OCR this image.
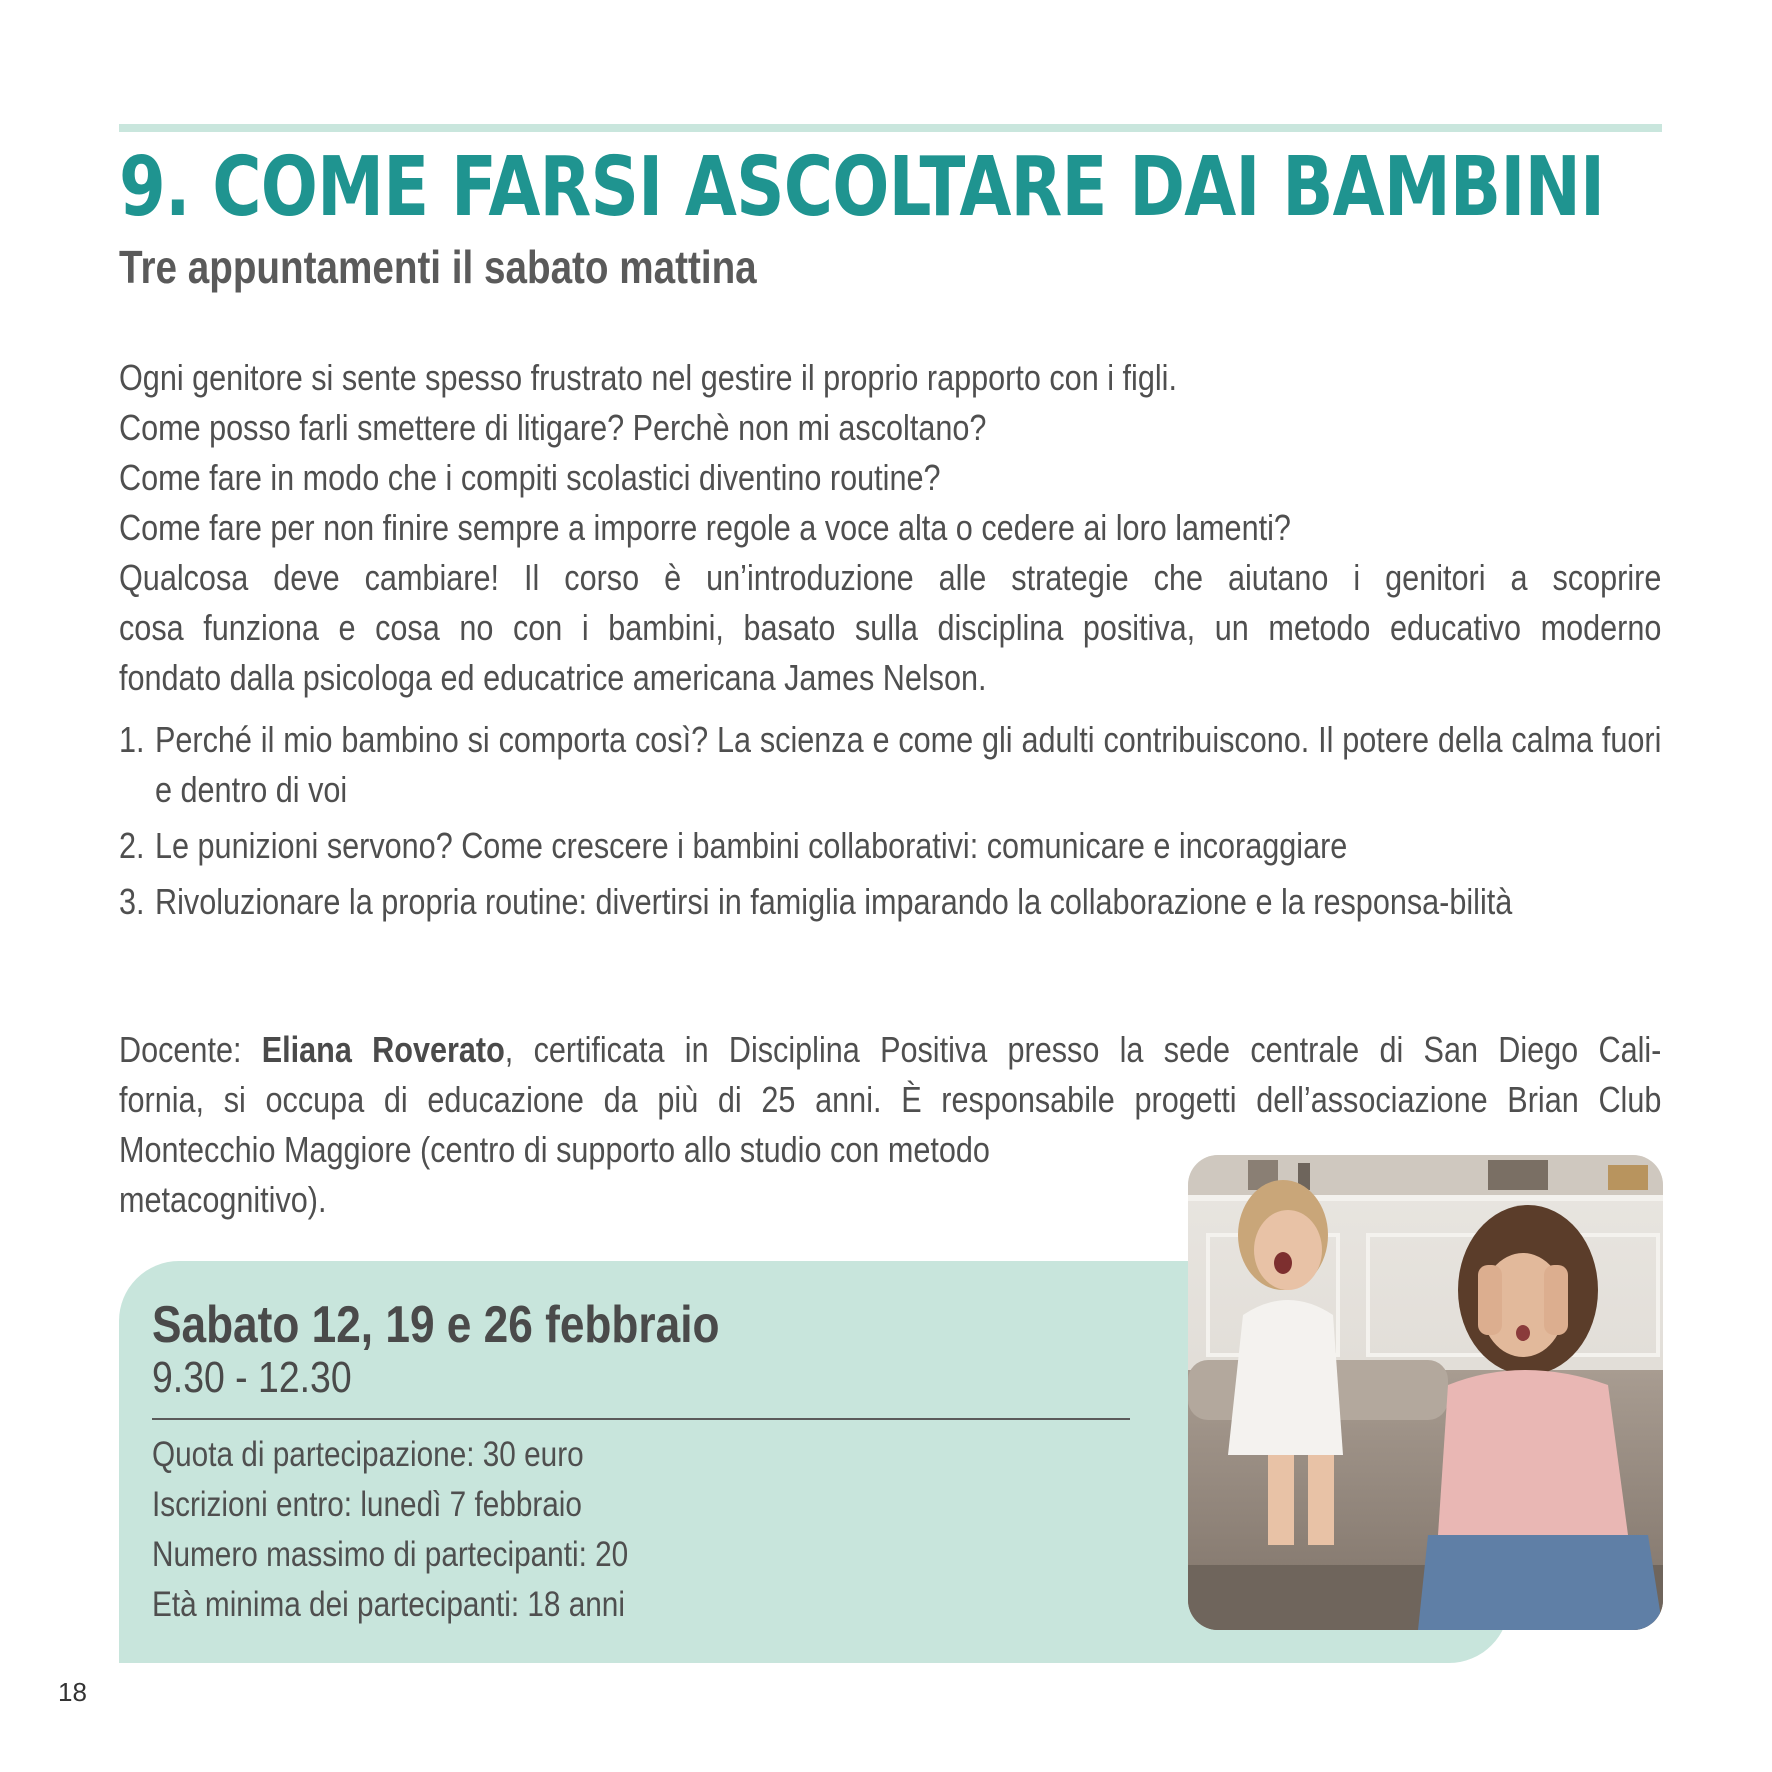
9. COME FARSI ASCOLTARE DAI BAMBINI
Tre appuntamenti il sabato mattina
Ogni genitore si sente spesso frustrato nel gestire il proprio rapporto con i figli.
Come posso farli smettere di litigare? Perchè non mi ascoltano?
Come fare in modo che i compiti scolastici diventino routine?
Come fare per non finire sempre a imporre regole a voce alta o cedere ai loro lamenti?
Qualcosa deve cambiare! Il corso è un’introduzione alle strategie che aiutano i genitori a scoprire
cosa funziona e cosa no con i bambini, basato sulla disciplina positiva, un metodo educativo moderno
fondato dalla psicologa ed educatrice americana James Nelson.
1. Perché il mio bambino si comporta così? La scienza e come gli adulti contribuiscono. Il potere della calma fuori e dentro di voi
2. Le punizioni servono? Come crescere i bambini collaborativi: comunicare e incoraggiare
3. Rivoluzionare la propria routine: divertirsi in famiglia imparando la collaborazione e la responsa-bilità
Docente: Eliana Roverato, certificata in Disciplina Positiva presso la sede centrale di San Diego Cali-
fornia, si occupa di educazione da più di 25 anni. È responsabile progetti dell’associazione Brian Club
Montecchio Maggiore (centro di supporto allo studio con metodo
metacognitivo).
Sabato 12, 19 e 26 febbraio
9.30 - 12.30
Quota di partecipazione: 30 euro
Iscrizioni entro: lunedì 7 febbraio
Numero massimo di partecipanti: 20
Età minima dei partecipanti: 18 anni
18
